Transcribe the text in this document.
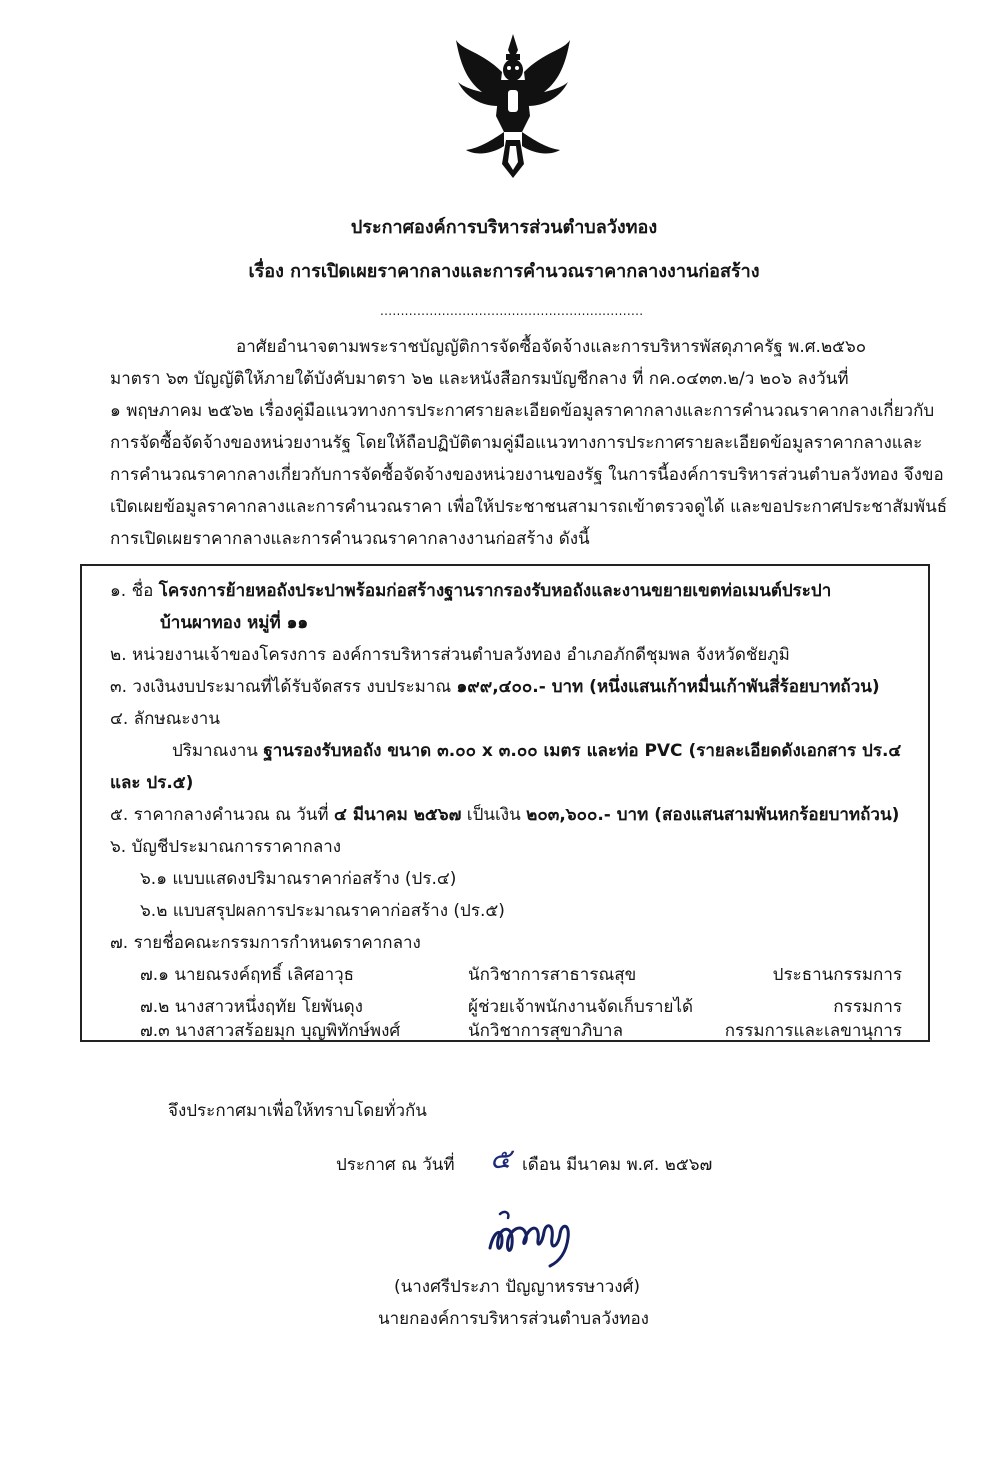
ประกาศองค์การบริหารส่วนตำบลวังทอง
เรื่อง การเปิดเผยราคากลางและการคำนวณราคากลางงานก่อสร้าง
................................................................
อาศัยอำนาจตามพระราชบัญญัติการจัดซื้อจัดจ้างและการบริหารพัสดุภาครัฐ พ.ศ.๒๕๖๐
มาตรา ๖๓ บัญญัติให้ภายใต้บังคับมาตรา ๖๒ และหนังสือกรมบัญชีกลาง ที่ กค.๐๔๓๓.๒/ว ๒๐๖ ลงวันที่
๑ พฤษภาคม ๒๕๖๒ เรื่องคู่มือแนวทางการประกาศรายละเอียดข้อมูลราคากลางและการคำนวณราคากลางเกี่ยวกับ
การจัดซื้อจัดจ้างของหน่วยงานรัฐ โดยให้ถือปฏิบัติตามคู่มือแนวทางการประกาศรายละเอียดข้อมูลราคากลางและ
การคำนวณราคากลางเกี่ยวกับการจัดซื้อจัดจ้างของหน่วยงานของรัฐ ในการนี้องค์การบริหารส่วนตำบลวังทอง จึงขอ
เปิดเผยข้อมูลราคากลางและการคำนวณราคา เพื่อให้ประชาชนสามารถเข้าตรวจดูได้ และขอประกาศประชาสัมพันธ์
การเปิดเผยราคากลางและการคำนวณราคากลางงานก่อสร้าง ดังนี้
๑. ชื่อ โครงการย้ายหอถังประปาพร้อมก่อสร้างฐานรากรองรับหอถังและงานขยายเขตท่อเมนต์ประปา
บ้านผาทอง หมู่ที่ ๑๑
๒. หน่วยงานเจ้าของโครงการ องค์การบริหารส่วนตำบลวังทอง อำเภอภักดีชุมพล จังหวัดชัยภูมิ
๓. วงเงินงบประมาณที่ได้รับจัดสรร งบประมาณ ๑๙๙,๔๐๐.- บาท (หนึ่งแสนเก้าหมื่นเก้าพันสี่ร้อยบาทถ้วน)
๔. ลักษณะงาน
ปริมาณงาน ฐานรองรับหอถัง ขนาด ๓.๐๐ x ๓.๐๐ เมตร และท่อ PVC (รายละเอียดดังเอกสาร ปร.๔
และ ปร.๕)
๕. ราคากลางคำนวณ ณ วันที่ ๔ มีนาคม ๒๕๖๗ เป็นเงิน ๒๐๓,๖๐๐.- บาท (สองแสนสามพันหกร้อยบาทถ้วน)
๖. บัญชีประมาณการราคากลาง
๖.๑ แบบแสดงปริมาณราคาก่อสร้าง (ปร.๔)
๖.๒ แบบสรุปผลการประมาณราคาก่อสร้าง (ปร.๕)
๗. รายชื่อคณะกรรมการกำหนดราคากลาง
๗.๑ นายณรงค์ฤทธิ์ เลิศอาวุธ	นักวิชาการสาธารณสุข	ประธานกรรมการ
๗.๒ นางสาวหนึ่งฤทัย โยพันดุง	ผู้ช่วยเจ้าพนักงานจัดเก็บรายได้	กรรมการ
๗.๓ นางสาวสร้อยมุก บุญพิทักษ์พงศ์	นักวิชาการสุขาภิบาล	กรรมการและเลขานุการ
จึงประกาศมาเพื่อให้ทราบโดยทั่วกัน
ประกาศ ณ วันที่ ๕ เดือน มีนาคม พ.ศ. ๒๕๖๗
(นางศรีประภา ปัญญาหรรษาวงศ์)
นายกองค์การบริหารส่วนตำบลวังทอง
